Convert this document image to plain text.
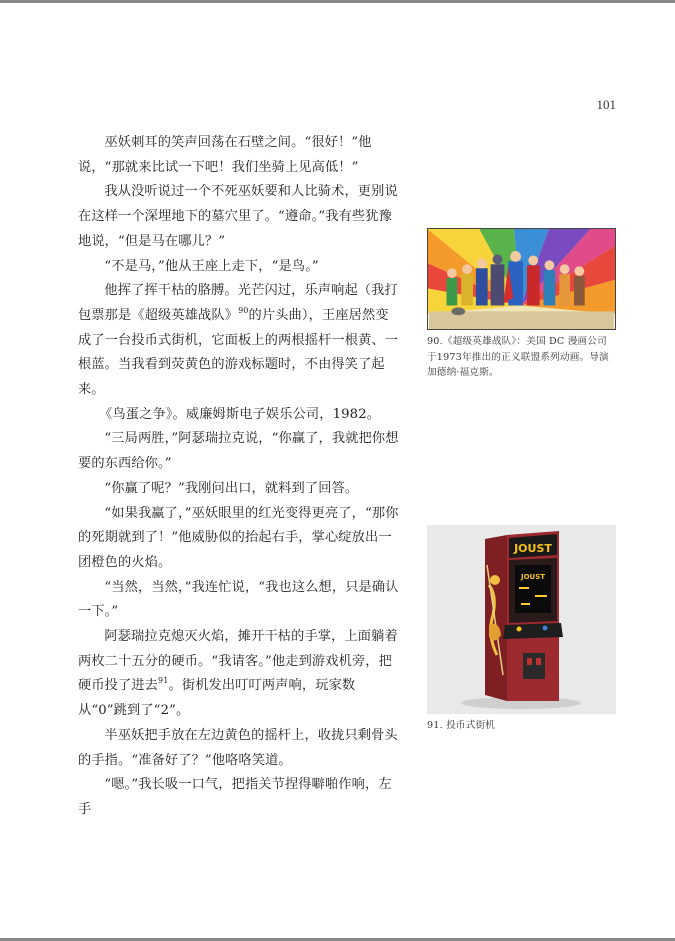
101

巫妖刺耳的笑声回荡在石壁之间。“很好！”他说，“那就来比试一下吧！我们坐骑上见高低！”

我从没听说过一个不死巫妖要和人比骑术，更别说在这样一个深埋地下的墓穴里了。“遵命。”我有些犹豫地说，“但是马在哪儿？”

“不是马，”他从王座上走下，“是鸟。”

他挥了挥干枯的胳膊。光芒闪过，乐声响起（我打包票那是《超级英雄战队》$^{90}$的片头曲），王座居然变成了一台投币式街机，它面板上的两根摇杆一根黄、一根蓝。当我看到荧黄色的游戏标题时，不由得笑了起来。

《鸟蛋之争》。威廉姆斯电子娱乐公司，1982。

“三局两胜，”阿瑟瑞拉克说，“你赢了，我就把你想要的东西给你。”

“你赢了呢？”我刚问出口，就料到了回答。

“如果我赢了，”巫妖眼里的红光变得更亮了，“那你的死期就到了！”他威胁似的抬起右手，掌心绽放出一团橙色的火焰。

“当然，当然，”我连忙说，“我也这么想，只是确认一下。”

阿瑟瑞拉克熄灭火焰，摊开干枯的手掌，上面躺着两枚二十五分的硬币。“我请客。”他走到游戏机旁，把硬币投了进去$^{91}$。街机发出叮叮两声响，玩家数从“0”跳到了“2”。

半巫妖把手放在左边黄色的摇杆上，收拢只剩骨头的手指。“准备好了？”他咯咯笑道。

“嗯。”我长吸一口气，把指关节捏得噼啪作响，左手

90.《超级英雄战队》：美国 DC 漫画公司于1973年推出的正义联盟系列动画。导演加德纳·福克斯。
JOUST
JOUST
91. 投币式街机
